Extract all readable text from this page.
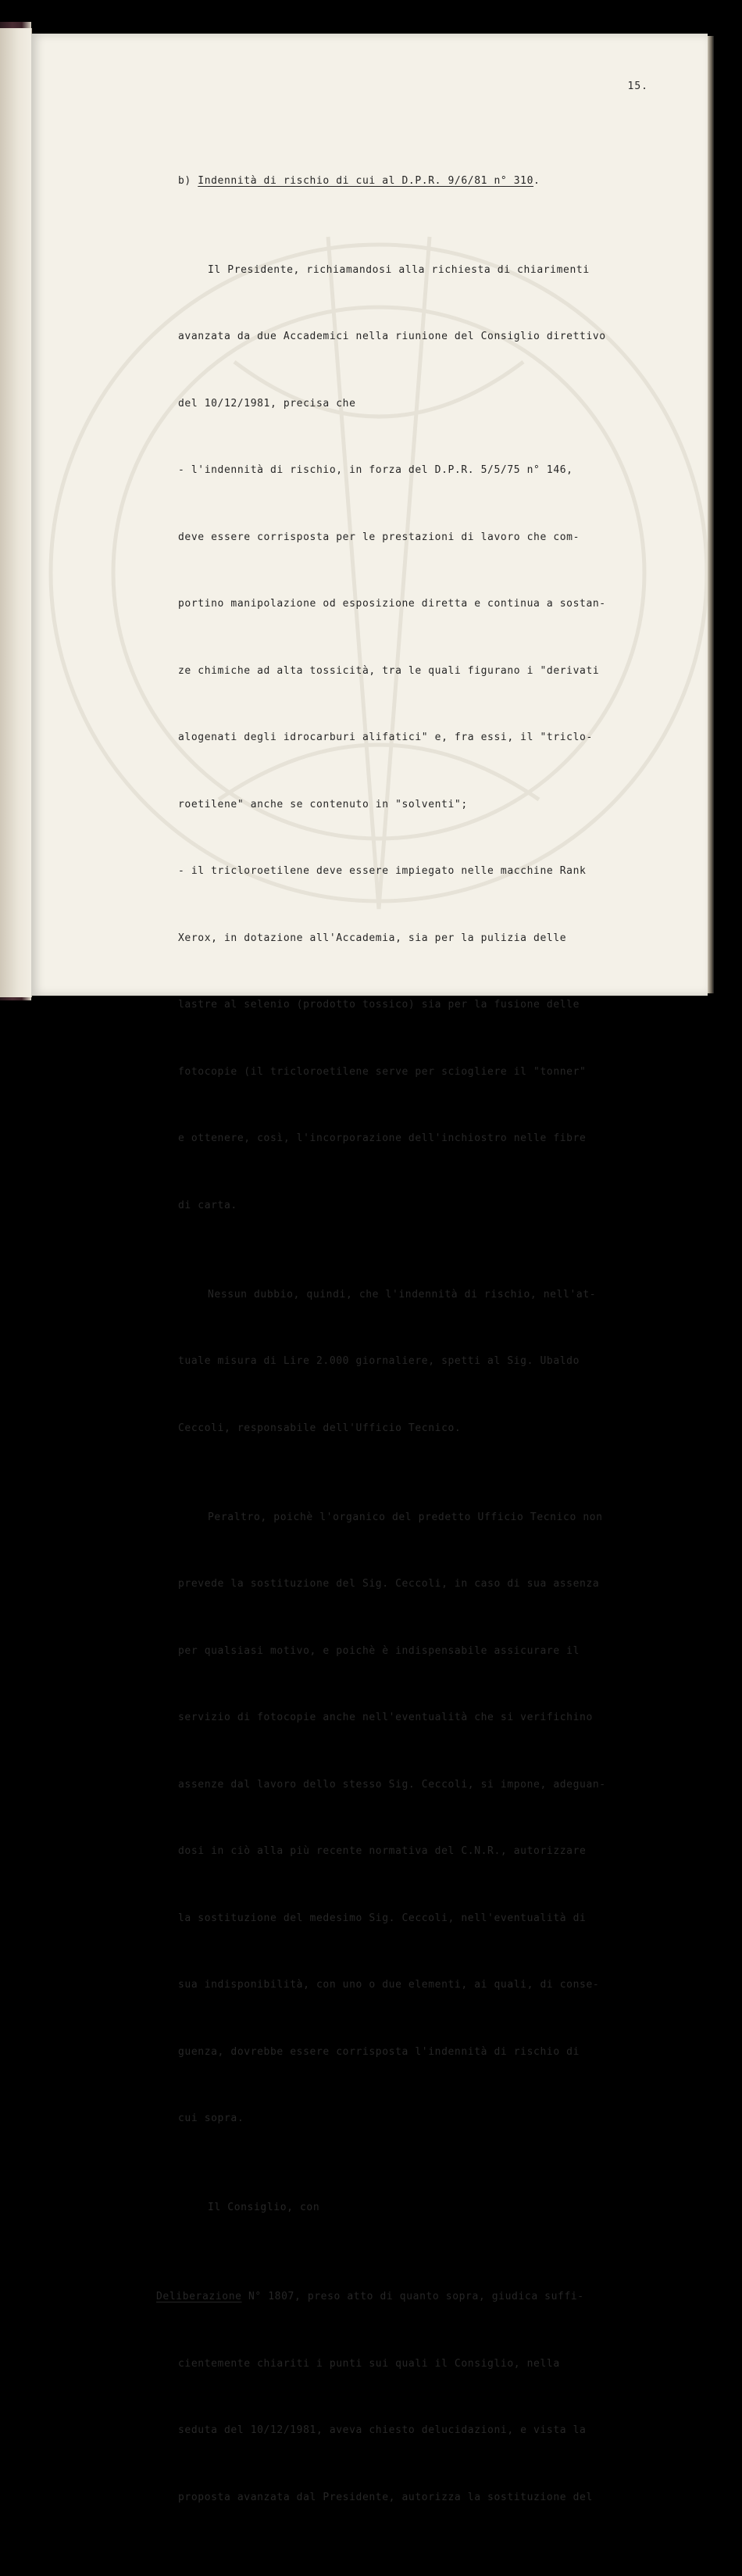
15.

b) Indennità di rischio di cui al D.P.R. 9/6/81 n° 310.

Il Presidente, richiamandosi alla richiesta di chiarimenti

avanzata da due Accademici nella riunione del Consiglio direttivo

del 10/12/1981, precisa che

- l'indennità di rischio, in forza del D.P.R. 5/5/75 n° 146,

deve essere corrisposta per le prestazioni di lavoro che com-

portino manipolazione od esposizione diretta e continua a sostan-

ze chimiche ad alta tossicità, tra le quali figurano i "derivati

alogenati degli idrocarburi alifatici" e, fra essi, il "triclo-

roetilene" anche se contenuto in "solventi";

- il tricloroetilene deve essere impiegato nelle macchine Rank

Xerox, in dotazione all'Accademia, sia per la pulizia delle

lastre al selenio (prodotto tossico) sia per la fusione delle

fotocopie (il tricloroetilene serve per sciogliere il "tonner"

e ottenere, così, l'incorporazione dell'inchiostro nelle fibre

di carta.

Nessun dubbio, quindi, che l'indennità di rischio, nell'at-

tuale misura di Lire 2.000 giornaliere, spetti al Sig. Ubaldo

Ceccoli, responsabile dell'Ufficio Tecnico.

Peraltro, poichè l'organico del predetto Ufficio Tecnico non

prevede la sostituzione del Sig. Ceccoli, in caso di sua assenza

per qualsiasi motivo, e poichè è indispensabile assicurare il

servizio di fotocopie anche nell'eventualità che si verifichino

assenze dal lavoro dello stesso Sig. Ceccoli, si impone, adeguan-

dosi in ciò alla più recente normativa del C.N.R., autorizzare

la sostituzione del medesimo Sig. Ceccoli, nell'eventualità di

sua indisponibilità, con uno o due elementi, ai quali, di conse-

guenza, dovrebbe essere corrisposta l'indennità di rischio di

cui sopra.

Il Consiglio, con

Deliberazione N° 1807, preso atto di quanto sopra, giudica suffi-

cientemente chiariti i punti sui quali il Consiglio, nella

seduta del 10/12/1981, aveva chiesto delucidazioni, e vista la

proposta avanzata dal Presidente, autorizza la sostituzione del
